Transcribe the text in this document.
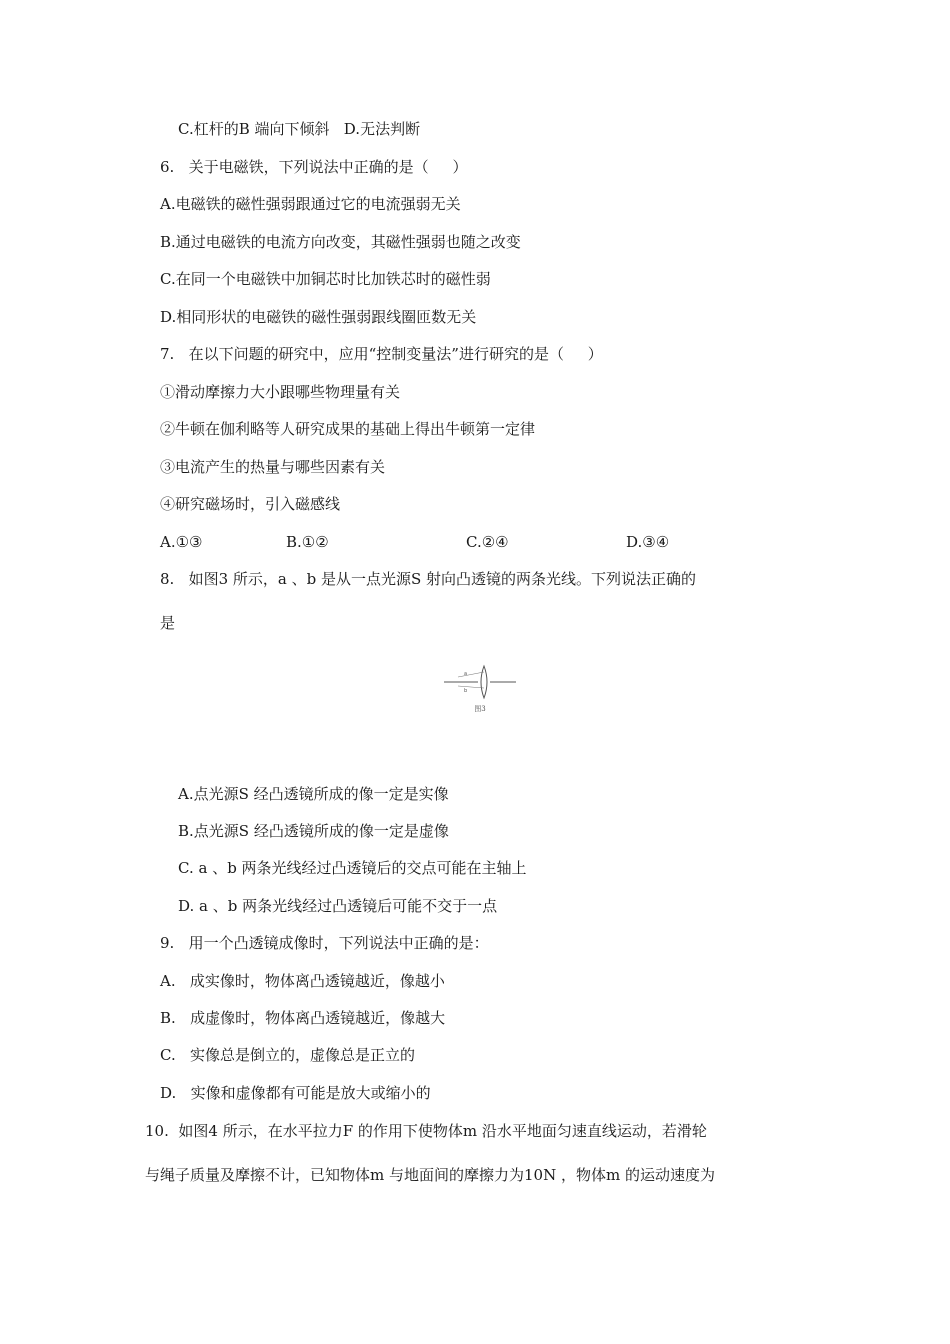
C.杠杆的B 端向下倾斜   D.无法判断
6.   关于电磁铁，下列说法中正确的是（     ）
A.电磁铁的磁性强弱跟通过它的电流强弱无关
B.通过电磁铁的电流方向改变，其磁性强弱也随之改变
C.在同一个电磁铁中加铜芯时比加铁芯时的磁性弱
D.相同形状的电磁铁的磁性强弱跟线圈匝数无关
7.   在以下问题的研究中，应用“控制变量法”进行研究的是（     ）
①滑动摩擦力大小跟哪些物理量有关
②牛顿在伽利略等人研究成果的基础上得出牛顿第一定律
③电流产生的热量与哪些因素有关
④研究磁场时，引入磁感线

A.①③

	B.①②

	C.②④

	D.③④

8.   如图3 所示，a 、b 是从一点光源S 射向凸透镜的两条光线。下列说法正确的
是
a
b
图3
A.点光源S 经凸透镜所成的像一定是实像
B.点光源S 经凸透镜所成的像一定是虚像
C. a 、b 两条光线经过凸透镜后的交点可能在主轴上
D. a 、b 两条光线经过凸透镜后可能不交于一点
9.   用一个凸透镜成像时，下列说法中正确的是：
A.   成实像时，物体离凸透镜越近，像越小
B.   成虚像时，物体离凸透镜越近，像越大
C.   实像总是倒立的，虚像总是正立的
D.   实像和虚像都有可能是放大或缩小的
10.  如图4 所示，在水平拉力F 的作用下使物体m 沿水平地面匀速直线运动，若滑轮
与绳子质量及摩擦不计，已知物体m 与地面间的摩擦力为10N ，物体m 的运动速度为
